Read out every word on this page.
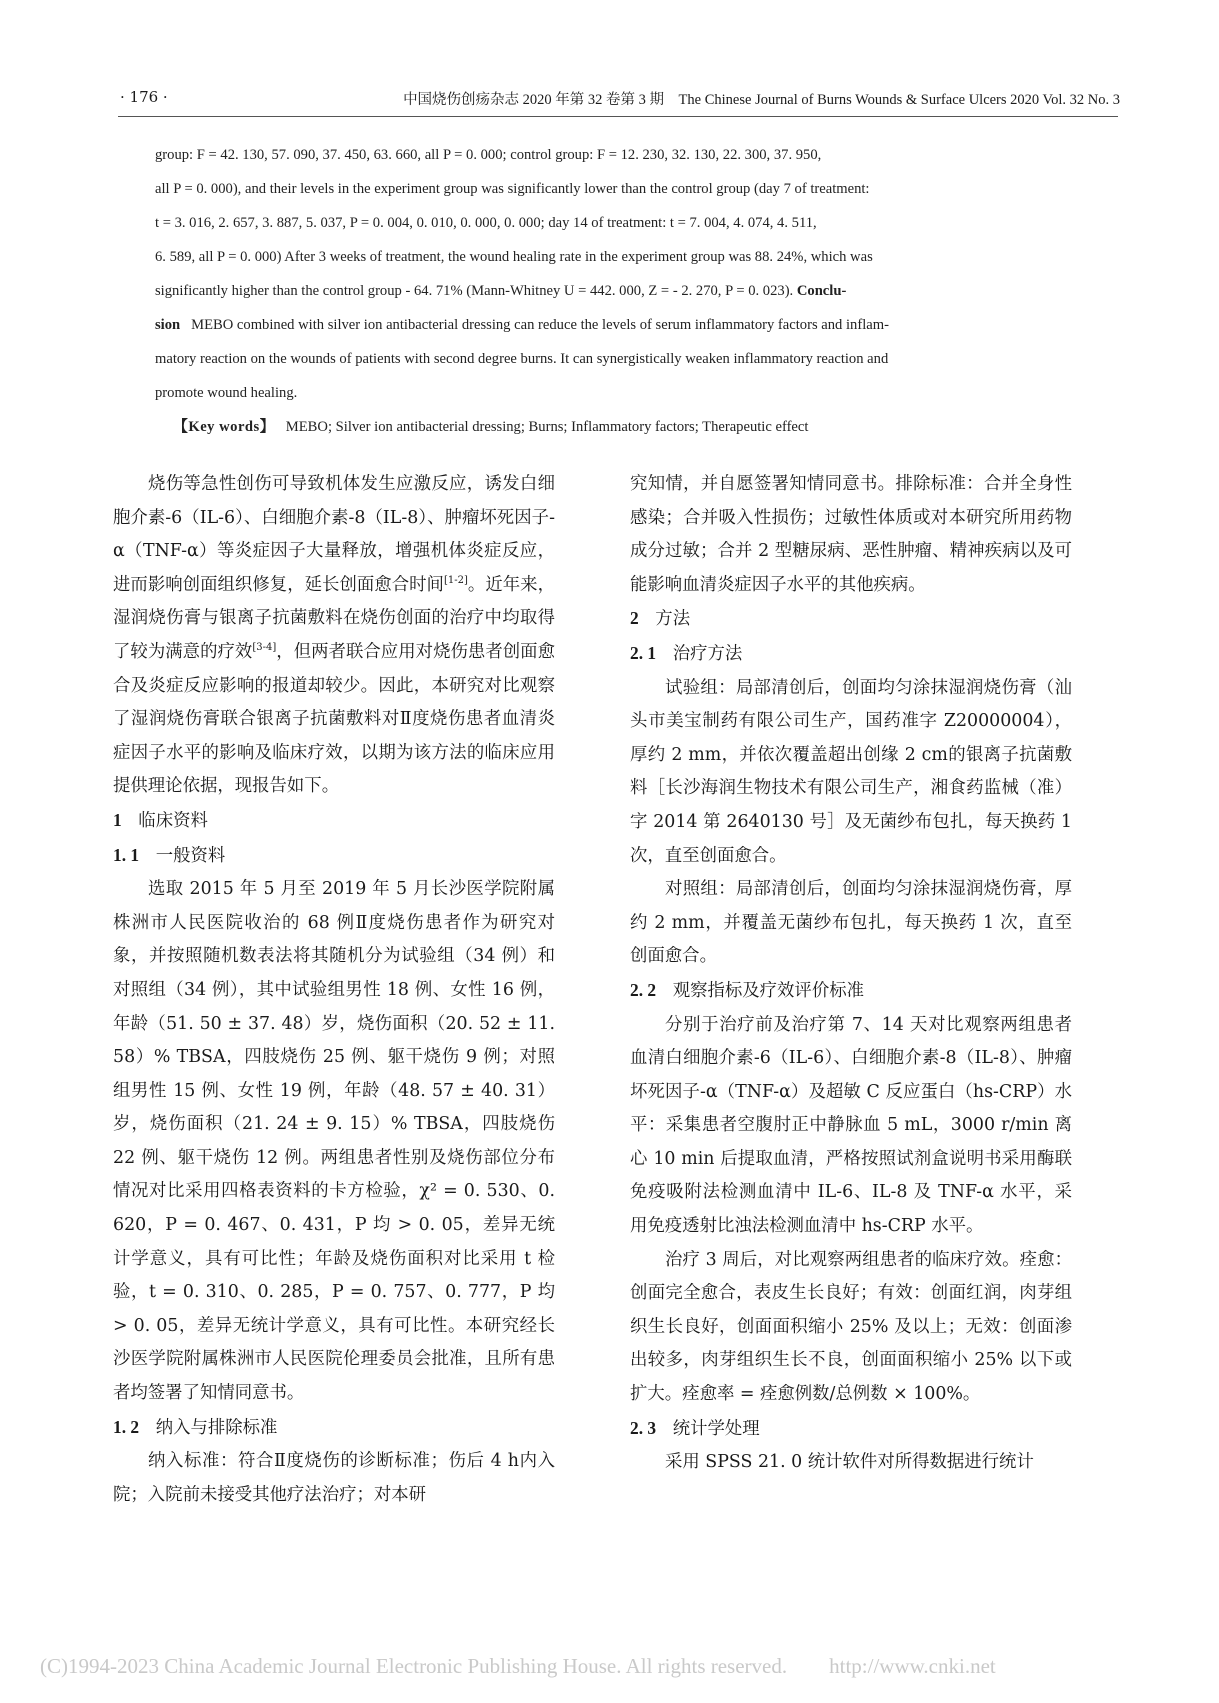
· 176 ·	中国烧伤创疡杂志 2020 年第 32 卷第 3 期　The Chinese Journal of Burns Wounds & Surface Ulcers 2020 Vol. 32 No. 3

group: F = 42. 130, 57. 090, 37. 450, 63. 660, all P = 0. 000; control group: F = 12. 230, 32. 130, 22. 300, 37. 950,

all P = 0. 000), and their levels in the experiment group was significantly lower than the control group (day 7 of treatment:

t = 3. 016, 2. 657, 3. 887, 5. 037, P = 0. 004, 0. 010, 0. 000, 0. 000; day 14 of treatment: t = 7. 004, 4. 074, 4. 511,

6. 589, all P = 0. 000) After 3 weeks of treatment, the wound healing rate in the experiment group was 88. 24%, which was

significantly higher than the control group - 64. 71% (Mann-Whitney U = 442. 000, Z = - 2. 270, P = 0. 023). Conclu-

sion MEBO combined with silver ion antibacterial dressing can reduce the levels of serum inflammatory factors and inflam-

matory reaction on the wounds of patients with second degree burns. It can synergistically weaken inflammatory reaction and

promote wound healing.

【Key words】 MEBO; Silver ion antibacterial dressing; Burns; Inflammatory factors; Therapeutic effect

烧伤等急性创伤可导致机体发生应激反应，诱发白细胞介素-6（IL-6）、白细胞介素-8（IL-8）、肿瘤坏死因子-α（TNF-α）等炎症因子大量释放，增强机体炎症反应，进而影响创面组织修复，延长创面愈合时间[1-2]。近年来，湿润烧伤膏与银离子抗菌敷料在烧伤创面的治疗中均取得了较为满意的疗效[3-4]，但两者联合应用对烧伤患者创面愈合及炎症反应影响的报道却较少。因此，本研究对比观察了湿润烧伤膏联合银离子抗菌敷料对Ⅱ度烧伤患者血清炎症因子水平的影响及临床疗效，以期为该方法的临床应用提供理论依据，现报告如下。

1 临床资料

1. 1 一般资料

选取 2015 年 5 月至 2019 年 5 月长沙医学院附属株洲市人民医院收治的 68 例Ⅱ度烧伤患者作为研究对象，并按照随机数表法将其随机分为试验组（34 例）和对照组（34 例），其中试验组男性 18 例、女性 16 例，年龄（51. 50 ± 37. 48）岁，烧伤面积（20. 52 ± 11. 58）% TBSA，四肢烧伤 25 例、躯干烧伤 9 例；对照组男性 15 例、女性 19 例，年龄（48. 57 ± 40. 31）岁，烧伤面积（21. 24 ± 9. 15）% TBSA，四肢烧伤 22 例、躯干烧伤 12 例。两组患者性别及烧伤部位分布情况对比采用四格表资料的卡方检验，χ² = 0. 530、0. 620，P = 0. 467、0. 431，P 均 > 0. 05，差异无统计学意义，具有可比性；年龄及烧伤面积对比采用 t 检验，t = 0. 310、0. 285，P = 0. 757、0. 777，P 均 > 0. 05，差异无统计学意义，具有可比性。本研究经长沙医学院附属株洲市人民医院伦理委员会批准，且所有患者均签署了知情同意书。

1. 2 纳入与排除标准

纳入标准：符合Ⅱ度烧伤的诊断标准；伤后 4 h内入院；入院前未接受其他疗法治疗；对本研

究知情，并自愿签署知情同意书。排除标准：合并全身性感染；合并吸入性损伤；过敏性体质或对本研究所用药物成分过敏；合并 2 型糖尿病、恶性肿瘤、精神疾病以及可能影响血清炎症因子水平的其他疾病。

2 方法

2. 1 治疗方法

试验组：局部清创后，创面均匀涂抹湿润烧伤膏（汕头市美宝制药有限公司生产，国药准字 Z20000004），厚约 2 mm，并依次覆盖超出创缘 2 cm的银离子抗菌敷料［长沙海润生物技术有限公司生产，湘食药监械（准）字 2014 第 2640130 号］及无菌纱布包扎，每天换药 1 次，直至创面愈合。

对照组：局部清创后，创面均匀涂抹湿润烧伤膏，厚约 2 mm，并覆盖无菌纱布包扎，每天换药 1 次，直至创面愈合。

2. 2 观察指标及疗效评价标准

分别于治疗前及治疗第 7、14 天对比观察两组患者血清白细胞介素-6（IL-6）、白细胞介素-8（IL-8）、肿瘤坏死因子-α（TNF-α）及超敏 C 反应蛋白（hs-CRP）水平：采集患者空腹肘正中静脉血 5 mL，3000 r/min 离心 10 min 后提取血清，严格按照试剂盒说明书采用酶联免疫吸附法检测血清中 IL-6、IL-8 及 TNF-α 水平，采用免疫透射比浊法检测血清中 hs-CRP 水平。

治疗 3 周后，对比观察两组患者的临床疗效。痊愈：创面完全愈合，表皮生长良好；有效：创面红润，肉芽组织生长良好，创面面积缩小 25% 及以上；无效：创面渗出较多，肉芽组织生长不良，创面面积缩小 25% 以下或扩大。痊愈率 = 痊愈例数/总例数 × 100%。

2. 3 统计学处理

采用 SPSS 21. 0 统计软件对所得数据进行统计

(C)1994-2023 China Academic Journal Electronic Publishing House. All rights reserved.　　http://www.cnki.net
